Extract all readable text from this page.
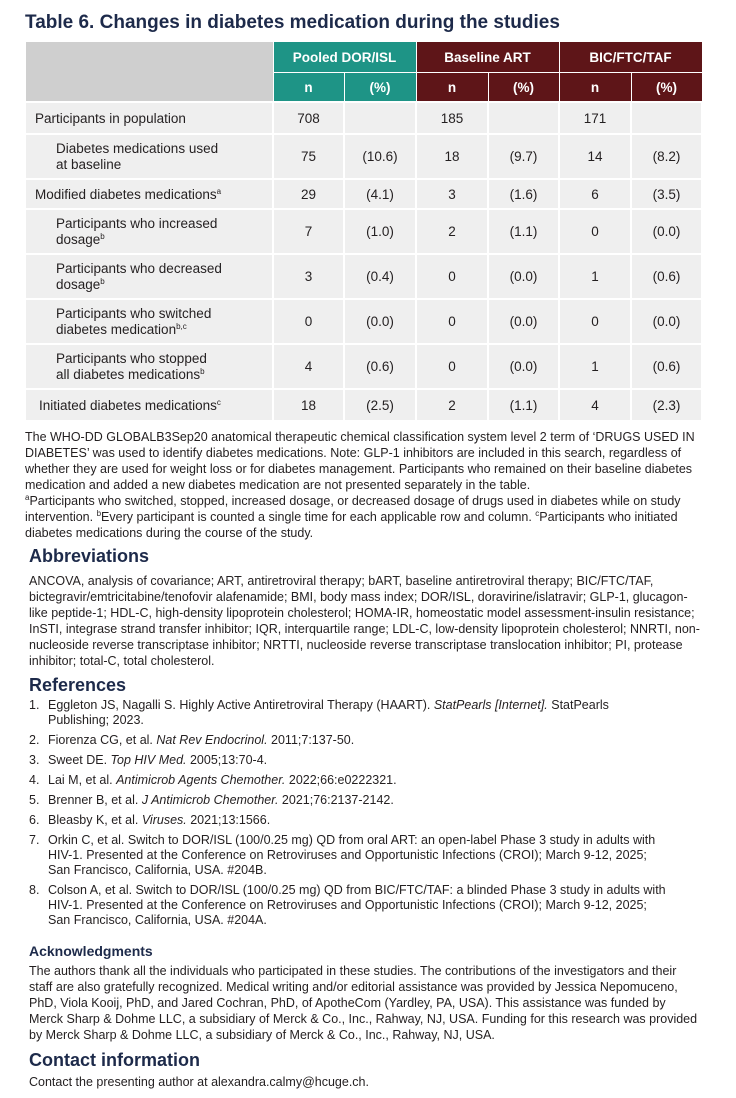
Table 6. Changes in diabetes medication during the studies
	Pooled DOR/ISL		Baseline ART		BIC/FTC/TAF	
	n	(%)	n	(%)	n	(%)
Participants in population	708		185		171	
Diabetes medications used
at baseline	75	(10.6)	18	(9.7)	14	(8.2)
Modified diabetes medications$^a$	29	(4.1)	3	(1.6)	6	(3.5)
Participants who increased
dosage$^b$	7	(1.0)	2	(1.1)	0	(0.0)
Participants who decreased
dosage$^b$	3	(0.4)	0	(0.0)	1	(0.6)
Participants who switched
diabetes medication$^{b,c}$	0	(0.0)	0	(0.0)	0	(0.0)
Participants who stopped
all diabetes medications$^b$	4	(0.6)	0	(0.0)	1	(0.6)
Initiated diabetes medications$^c$	18	(2.5)	2	(1.1)	4	(2.3)

The WHO-DD GLOBALB3Sep20 anatomical therapeutic chemical classification system level 2 term of ‘DRUGS USED IN DIABETES’ was used to identify diabetes medications. Note: GLP-1 inhibitors are included in this search, regardless of whether they are used for weight loss or for diabetes management. Participants who remained on their baseline diabetes medication and added a new diabetes medication are not presented separately in the table.

$^a$Participants who switched, stopped, increased dosage, or decreased dosage of drugs used in diabetes while on study intervention. $^b$Every participant is counted a single time for each applicable row and column. $^c$Participants who initiated diabetes medications during the course of the study.

Abbreviations

ANCOVA, analysis of covariance; ART, antiretroviral therapy; bART, baseline antiretroviral therapy; BIC/FTC/TAF, bictegravir/emtricitabine/tenofovir alafenamide; BMI, body mass index; DOR/ISL, doravirine/islatravir; GLP-1, glucagon-like peptide-1; HDL-C, high-density lipoprotein cholesterol; HOMA-IR, homeostatic model assessment-insulin resistance; InSTI, integrase strand transfer inhibitor; IQR, interquartile range; LDL-C, low-density lipoprotein cholesterol; NNRTI, non-nucleoside reverse transcriptase inhibitor; NRTTI, nucleoside reverse transcriptase translocation inhibitor; PI, protease inhibitor; total-C, total cholesterol.

References
1. Eggleton JS, Nagalli S. Highly Active Antiretroviral Therapy (HAART). StatPearls [Internet]. StatPearls Publishing; 2023.
2. Fiorenza CG, et al. Nat Rev Endocrinol. 2011;7:137-50.
3. Sweet DE. Top HIV Med. 2005;13:70-4.
4. Lai M, et al. Antimicrob Agents Chemother. 2022;66:e0222321.
5. Brenner B, et al. J Antimicrob Chemother. 2021;76:2137-2142.
6. Bleasby K, et al. Viruses. 2021;13:1566.
7. Orkin C, et al. Switch to DOR/ISL (100/0.25 mg) QD from oral ART: an open-label Phase 3 study in adults with HIV-1. Presented at the Conference on Retroviruses and Opportunistic Infections (CROI); March 9-12, 2025; San Francisco, California, USA. #204B.
8. Colson A, et al. Switch to DOR/ISL (100/0.25 mg) QD from BIC/FTC/TAF: a blinded Phase 3 study in adults with HIV-1. Presented at the Conference on Retroviruses and Opportunistic Infections (CROI); March 9-12, 2025; San Francisco, California, USA. #204A.
Acknowledgments

The authors thank all the individuals who participated in these studies. The contributions of the investigators and their staff are also gratefully recognized. Medical writing and/or editorial assistance was provided by Jessica Nepomuceno, PhD, Viola Kooij, PhD, and Jared Cochran, PhD, of ApotheCom (Yardley, PA, USA). This assistance was funded by Merck Sharp & Dohme LLC, a subsidiary of Merck & Co., Inc., Rahway, NJ, USA. Funding for this research was provided by Merck Sharp & Dohme LLC, a subsidiary of Merck & Co., Inc., Rahway, NJ, USA.

Contact information

Contact the presenting author at alexandra.calmy@hcuge.ch.
